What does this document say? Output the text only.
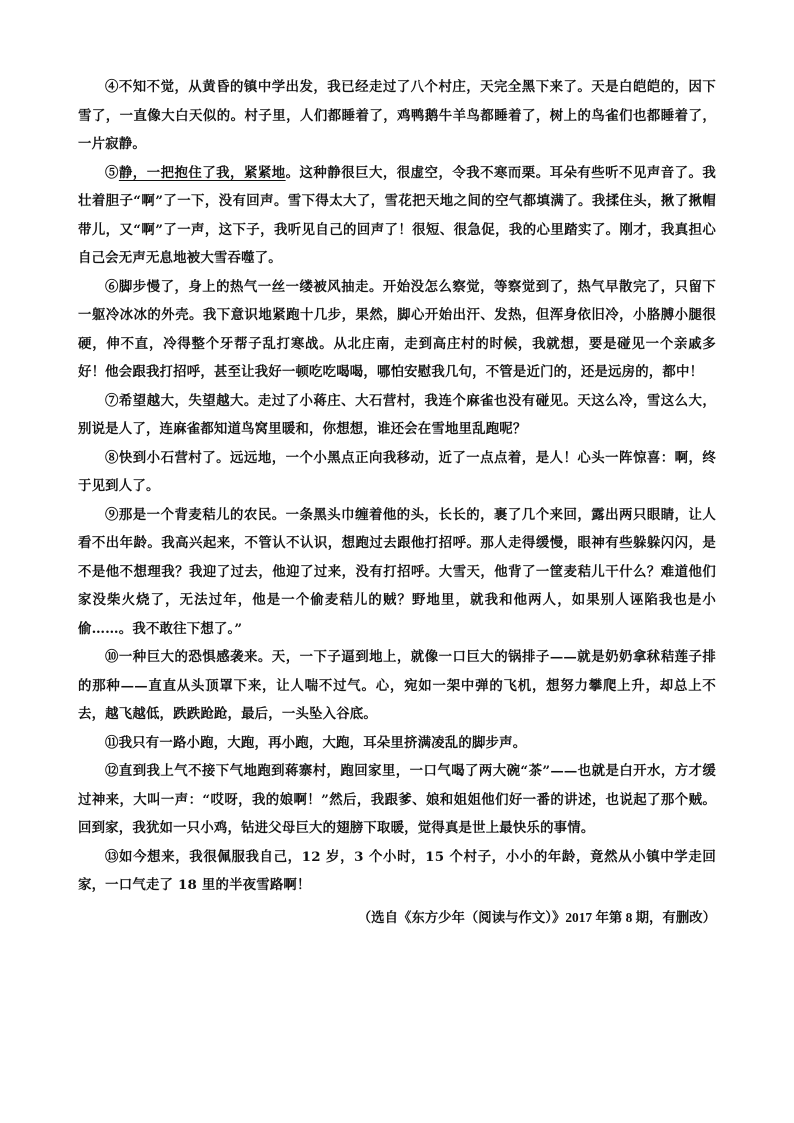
④不知不觉，从黄昏的镇中学出发，我已经走过了八个村庄，天完全黑下来了。天是白皑皑的，因下雪了，一直像大白天似的。村子里，人们都睡着了，鸡鸭鹅牛羊鸟都睡着了，树上的鸟雀们也都睡着了，一片寂静。

⑤静，一把抱住了我，紧紧地。这种静很巨大，很虚空，令我不寒而栗。耳朵有些听不见声音了。我壮着胆子“啊”了一下，没有回声。雪下得太大了，雪花把天地之间的空气都填满了。我揉住头，揪了揪帽带儿，又“啊”了一声，这下子，我听见自己的回声了！很短、很急促，我的心里踏实了。刚才，我真担心自己会无声无息地被大雪吞噬了。

⑥脚步慢了，身上的热气一丝一缕被风抽走。开始没怎么察觉，等察觉到了，热气早散完了，只留下一躯冷冰冰的外壳。我下意识地紧跑十几步，果然，脚心开始出汗、发热，但浑身依旧冷，小胳膊小腿很硬，伸不直，冷得整个牙帮子乱打寒战。从北庄南，走到高庄村的时候，我就想，要是碰见一个亲戚多好！他会跟我打招呼，甚至让我好一顿吃吃喝喝，哪怕安慰我几句，不管是近门的，还是远房的，都中！

⑦希望越大，失望越大。走过了小蒋庄、大石营村，我连个麻雀也没有碰见。天这么冷，雪这么大，别说是人了，连麻雀都知道鸟窝里暖和，你想想，谁还会在雪地里乱跑呢？

⑧快到小石营村了。远远地，一个小黑点正向我移动，近了一点点着，是人！心头一阵惊喜：啊，终于见到人了。

⑨那是一个背麦秸儿的农民。一条黑头巾缠着他的头，长长的，裹了几个来回，露出两只眼睛，让人看不出年龄。我高兴起来，不管认不认识，想跑过去跟他打招呼。那人走得缓慢，眼神有些躲躲闪闪，是不是他不想理我？我迎了过去，他迎了过来，没有打招呼。大雪天，他背了一筐麦秸儿干什么？难道他们家没柴火烧了，无法过年，他是一个偷麦秸儿的贼？野地里，就我和他两人，如果别人诬陷我也是小偷……。我不敢往下想了。”

⑩一种巨大的恐惧感袭来。天，一下子逼到地上，就像一口巨大的锅排子——就是奶奶拿秫秸莲子排的那种——直直从头顶罩下来，让人喘不过气。心，宛如一架中弹的飞机，想努力攀爬上升，却总上不去，越飞越低，跌跌跄跄，最后，一头坠入谷底。

⑪我只有一路小跑，大跑，再小跑，大跑，耳朵里挤满凌乱的脚步声。

⑫直到我上气不接下气地跑到蒋寨村，跑回家里，一口气喝了两大碗“茶”——也就是白开水，方才缓过神来，大叫一声：“哎呀，我的娘啊！”然后，我跟爹、娘和姐姐他们好一番的讲述，也说起了那个贼。回到家，我犹如一只小鸡，钻进父母巨大的翅膀下取暖，觉得真是世上最快乐的事情。

⑬如今想来，我很佩服我自己，12 岁，3 个小时，15 个村子，小小的年龄，竟然从小镇中学走回家，一口气走了 18 里的半夜雪路啊！

（选自《东方少年（阅读与作文）》2017 年第 8 期，有删改）
